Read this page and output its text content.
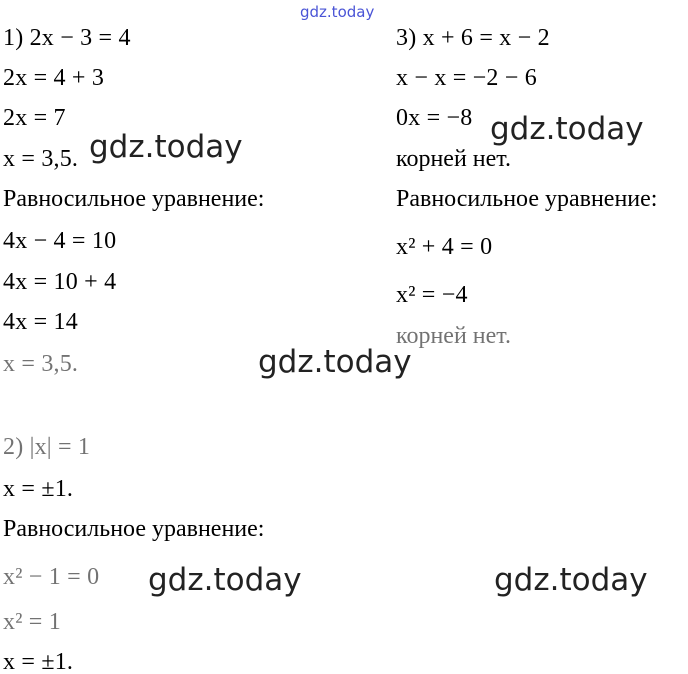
gdz.today
1) 2x − 3 = 4
2x = 4 + 3
2x = 7
x = 3,5.
Равносильное уравнение:
4x − 4 = 10
4x = 10 + 4
4x = 14
x = 3,5.
3) x + 6 = x − 2
x − x = −2 − 6
0x = −8
корней нет.
Равносильное уравнение:
x² + 4 = 0
x² = −4
корней нет.
2) |x| = 1
x = ±1.
Равносильное уравнение:
x² − 1 = 0
x² = 1
x = ±1.
gdz.today	gdz.today
gdz.today
gdz.today	gdz.today
